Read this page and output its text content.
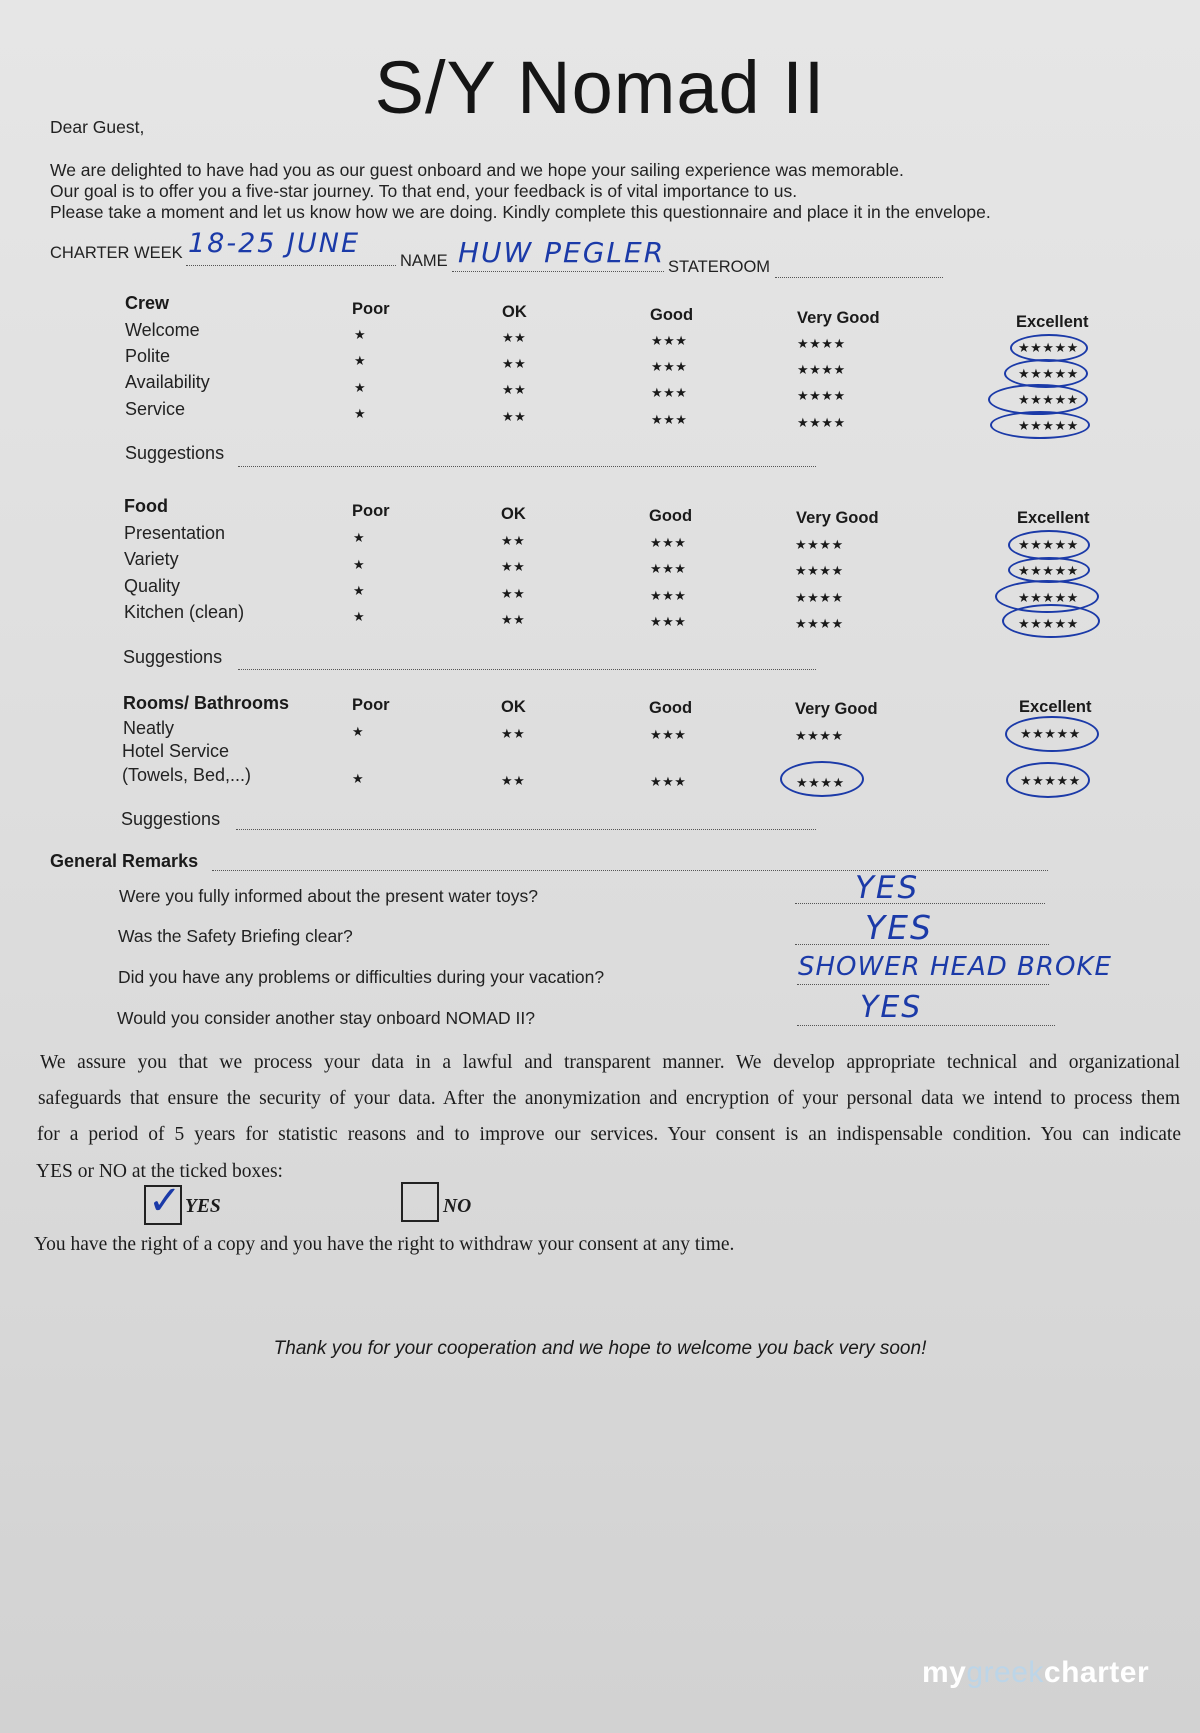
S/Y Nomad II
Dear Guest,
We are delighted to have had you as our guest onboard and we hope your sailing experience was memorable.
Our goal is to offer you a five-star journey. To that end, your feedback is of vital importance to us.
Please take a moment and let us know how we are doing. Kindly complete this questionnaire and place it in the envelope.
CHARTER WEEK 18-25 JUNE
NAME HUW PEGLER STATEROOM
Crew	Poor	OK	Good	Very Good	Excellent
Welcome	★	★★	★★★	★★★★	★★★★★
Polite	★	★★	★★★	★★★★	★★★★★
Availability	★	★★	★★★	★★★★	★★★★★
Service	★	★★	★★★	★★★★	★★★★★
Suggestions
Food	Poor	OK	Good	Very Good	Excellent
Presentation	★	★★	★★★	★★★★	★★★★★
Variety	★	★★	★★★	★★★★	★★★★★
Quality	★	★★	★★★	★★★★	★★★★★
Kitchen (clean)	★	★★	★★★	★★★★	★★★★★
Suggestions
Rooms/ Bathrooms	Poor	OK	Good	Very Good	Excellent
Neatly	★	★★	★★★	★★★★	★★★★★
Hotel Service
(Towels, Bed,...)	★	★★	★★★	★★★★	★★★★★
Suggestions
General Remarks
Were you fully informed about the present water toys?	YES
Was the Safety Briefing clear?	YES
Did you have any problems or difficulties during your vacation?	SHOWER HEAD BROKE
Would you consider another stay onboard NOMAD II?	YES
We assure you that we process your data in a lawful and transparent manner. We develop appropriate technical and organizational
safeguards that ensure the security of your data. After the anonymization and encryption of your personal data we intend to process them
for a period of 5 years for statistic reasons and to improve our services. Your consent is an indispensable condition. You can indicate
YES or NO at the ticked boxes:
✓ YES	NO
You have the right of a copy and you have the right to withdraw your consent at any time.
Thank you for your cooperation and we hope to welcome you back very soon!
mygreekcharter
